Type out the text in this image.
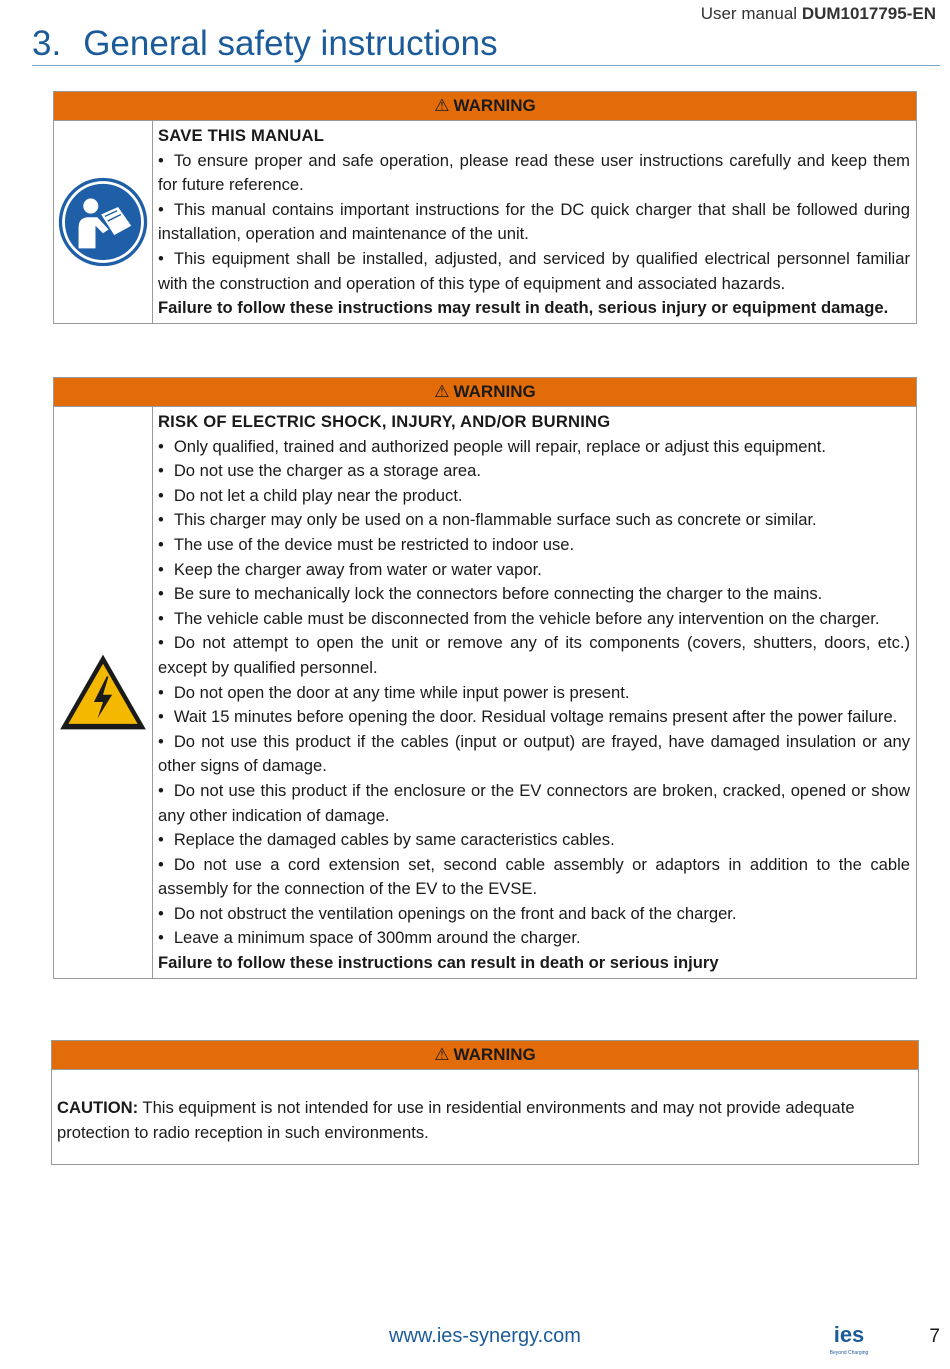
User manual DUM1017795-EN
3. General safety instructions
⚠ WARNING
SAVE THIS MANUAL

• To ensure proper and safe operation, please read these user instructions carefully and keep them for future reference.

• This manual contains important instructions for the DC quick charger that shall be followed during installation, operation and maintenance of the unit.

• This equipment shall be installed, adjusted, and serviced by qualified electrical personnel familiar with the construction and operation of this type of equipment and associated hazards.

Failure to follow these instructions may result in death, serious injury or equipment damage.
⚠ WARNING
RISK OF ELECTRIC SHOCK, INJURY, AND/OR BURNING

• Only qualified, trained and authorized people will repair, replace or adjust this equipment.

• Do not use the charger as a storage area.

• Do not let a child play near the product.

• This charger may only be used on a non-flammable surface such as concrete or similar.

• The use of the device must be restricted to indoor use.

• Keep the charger away from water or water vapor.

• Be sure to mechanically lock the connectors before connecting the charger to the mains.

• The vehicle cable must be disconnected from the vehicle before any intervention on the charger.

• Do not attempt to open the unit or remove any of its components (covers, shutters, doors, etc.) except by qualified personnel.

• Do not open the door at any time while input power is present.

• Wait 15 minutes before opening the door. Residual voltage remains present after the power failure.

• Do not use this product if the cables (input or output) are frayed, have damaged insulation or any other signs of damage.

• Do not use this product if the enclosure or the EV connectors are broken, cracked, opened or show any other indication of damage.

• Replace the damaged cables by same caracteristics cables.

• Do not use a cord extension set, second cable assembly or adaptors in addition to the cable assembly for the connection of the EV to the EVSE.

• Do not obstruct the ventilation openings on the front and back of the charger.

• Leave a minimum space of 300mm around the charger.

Failure to follow these instructions can result in death or serious injury
⚠ WARNING
CAUTION: This equipment is not intended for use in residential environments and may not provide adequate protection to radio reception in such environments.
www.ies-synergy.com	ies
Beyond Charging
7
